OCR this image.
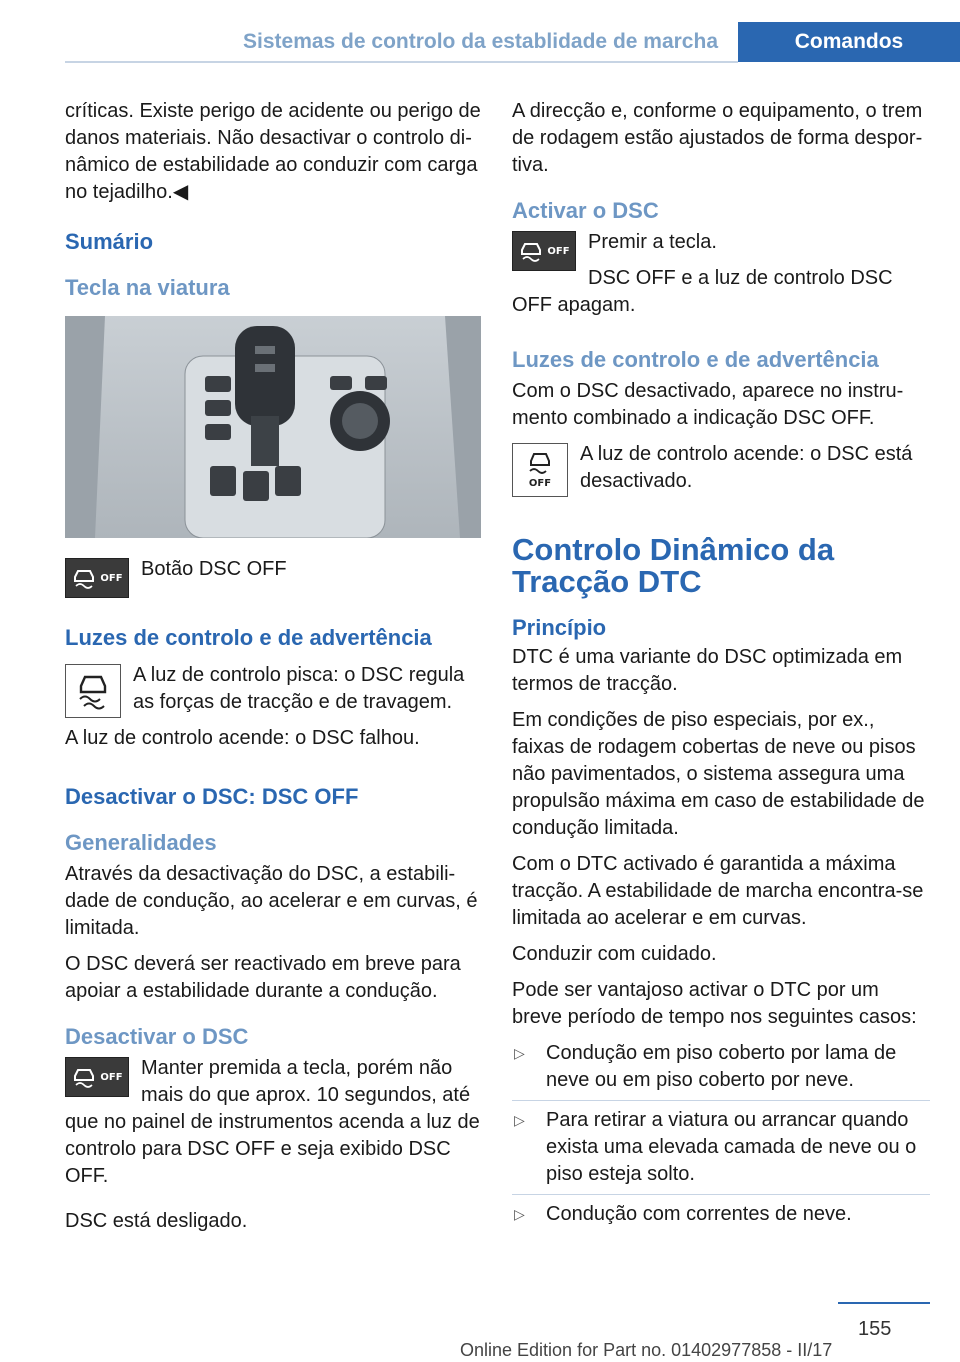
Sistemas de controlo da establidade de marcha	Comandos

críticas. Existe perigo de acidente ou perigo de danos materiais. Não desactivar o controlo dinâmico de estabilidade ao conduzir com carga no tejadilho.◀

Sumário
Tecla na viatura
OFF Botão DSC OFF

Luzes de controlo e de advertência

A luz de controlo pisca: o DSC regula as forças de tracção e de travagem.

A luz de controlo acende: o DSC falhou.

Desactivar o DSC: DSC OFF
Generalidades

Através da desactivação do DSC, a estabilidade de condução, ao acelerar e em curvas, é limitada.

O DSC deverá ser reactivado em breve para apoiar a estabilidade durante a condução.

Desactivar o DSC
OFF Manter premida a tecla, porém não mais do que aprox. 10 segundos, até que no painel de instrumentos acenda a luz de controlo para DSC OFF e seja exibido DSC OFF.

DSC está desligado.

A direcção e, conforme o equipamento, o trem de rodagem estão ajustados de forma desportiva.

Activar o DSC
OFF Premir a tecla.

DSC OFF e a luz de controlo DSC OFF apagam.

Luzes de controlo e de advertência

Com o DSC desactivado, aparece no instrumento combinado a indicação DSC OFF.

OFF

A luz de controlo acende: o DSC está desactivado.

Controlo Dinâmico da Tracção DTC
Princípio

DTC é uma variante do DSC optimizada em termos de tracção.

Em condições de piso especiais, por ex., faixas de rodagem cobertas de neve ou pisos não pavimentados, o sistema assegura uma propulsão máxima em caso de estabilidade de condução limitada.

Com o DTC activado é garantida a máxima tracção. A estabilidade de marcha encontra-se limitada ao acelerar e em curvas.

Conduzir com cuidado.

Pode ser vantajoso activar o DTC por um breve período de tempo nos seguintes casos:

▷ Condução em piso coberto por lama de neve ou em piso coberto por neve.
▷ Para retirar a viatura ou arrancar quando exista uma elevada camada de neve ou o piso esteja solto.
▷ Condução com correntes de neve.
155
Online Edition for Part no. 01402977858 - II/17
